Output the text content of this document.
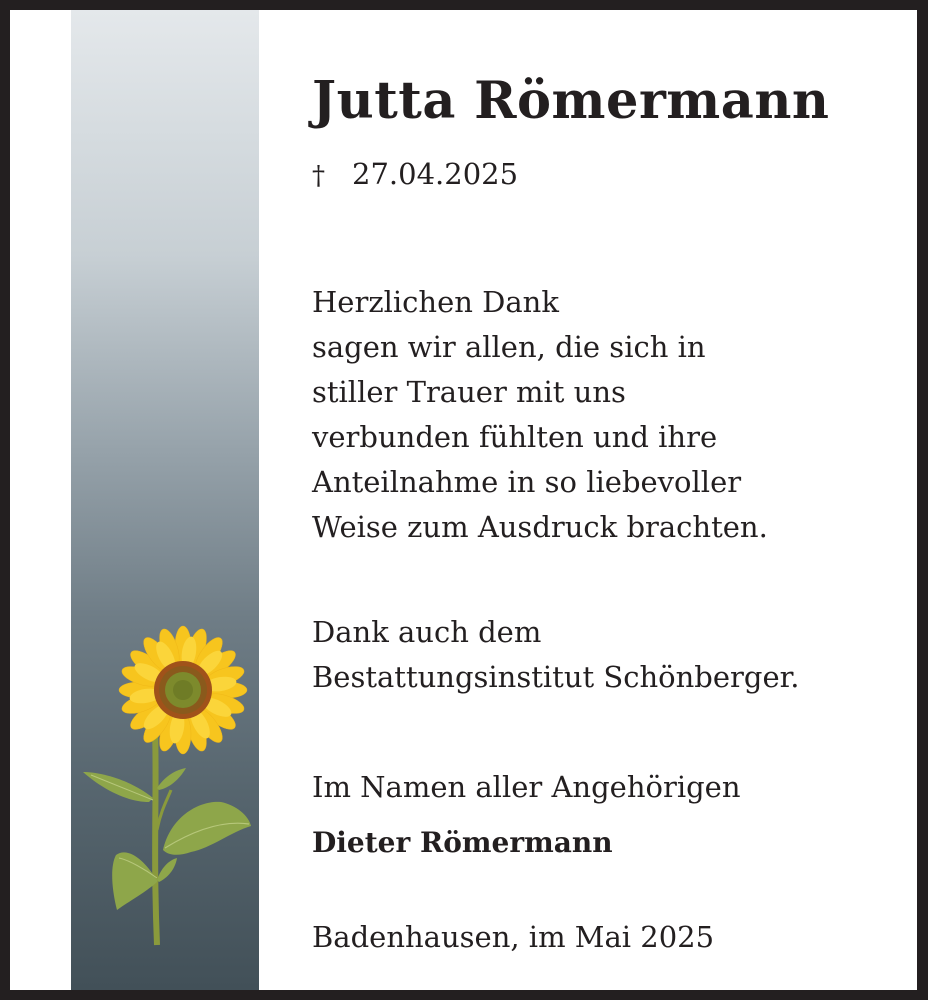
Jutta Römermann
† 27.04.2025
Herzlichen Dank
sagen wir allen, die sich in
stiller Trauer mit uns
verbunden fühlten und ihre
Anteilnahme in so liebevoller
Weise zum Ausdruck brachten.
Dank auch dem
Bestattungsinstitut Schönberger.
Im Namen aller Angehörigen
Dieter Römermann
Badenhausen, im Mai 2025
